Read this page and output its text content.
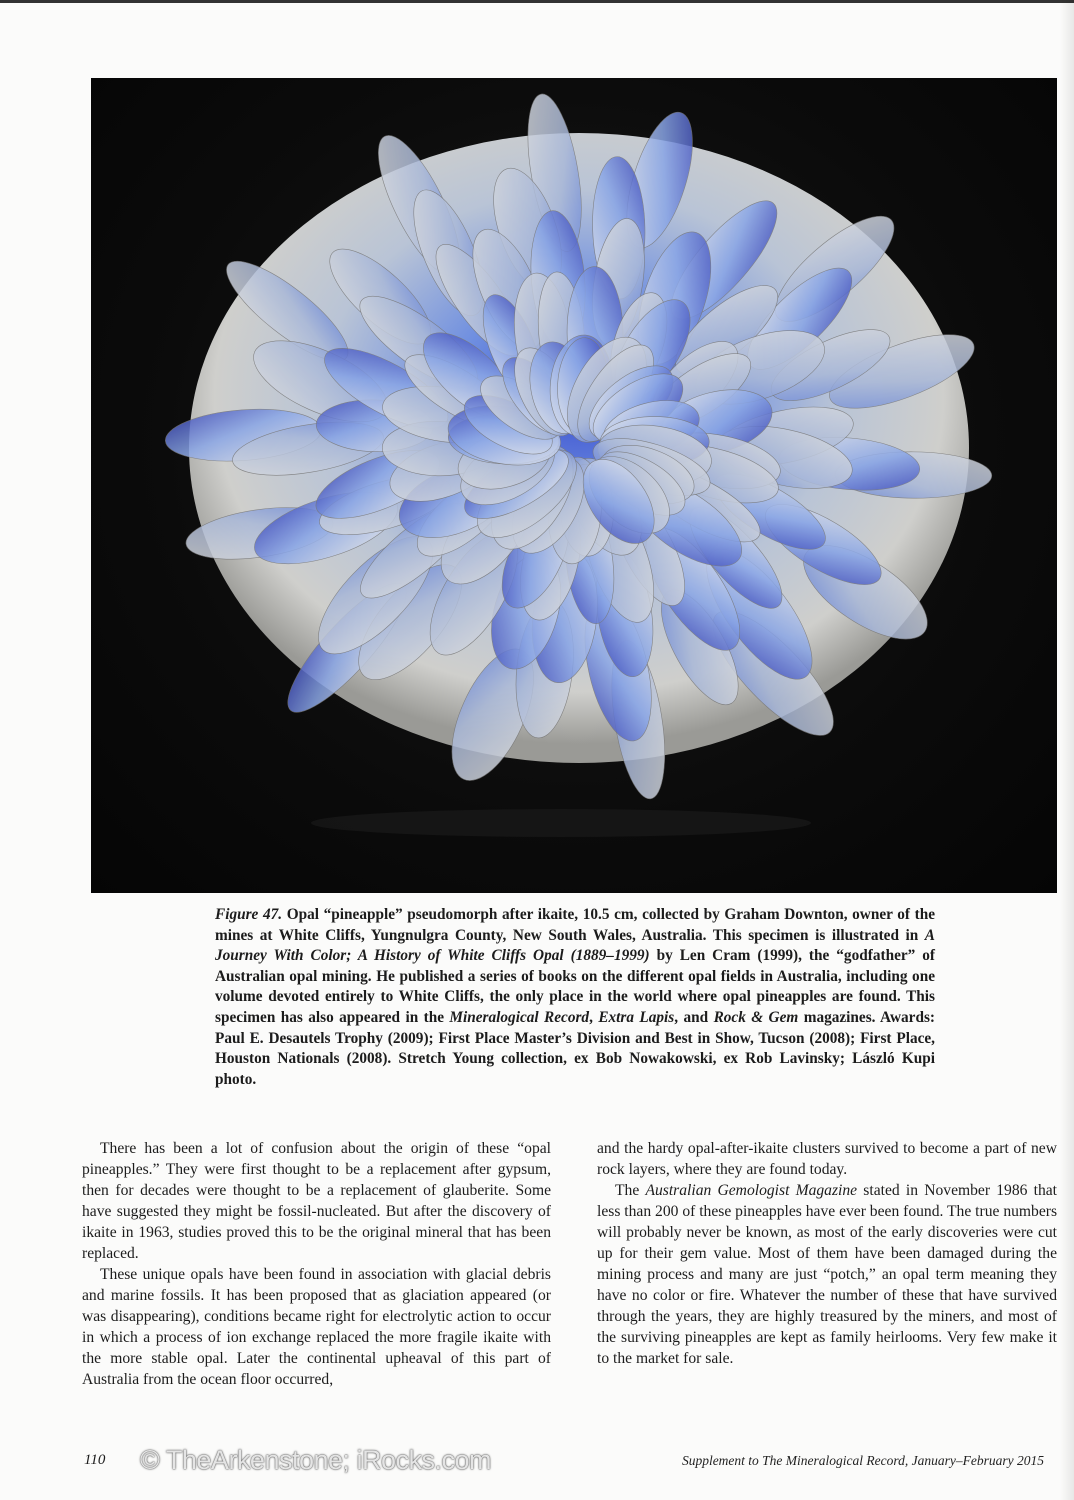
Figure 47. Opal “pineapple” pseudomorph after ikaite, 10.5 cm, collected by Graham Downton, owner of the mines at White Cliffs, Yungnulgra County, New South Wales, Australia. This specimen is illustrated in A Journey With Color; A History of White Cliffs Opal (1889–1999) by Len Cram (1999), the “godfather” of Australian opal mining. He published a series of books on the different opal fields in Australia, including one volume devoted entirely to White Cliffs, the only place in the world where opal pineapples are found. This specimen has also appeared in the Mineralogical Record, Extra Lapis, and Rock & Gem magazines. Awards: Paul E. Desautels Trophy (2009); First Place Master’s Division and Best in Show, Tucson (2008); First Place, Houston Nationals (2008). Stretch Young collection, ex Bob Nowakowski, ex Rob Lavinsky; László Kupi photo.

There has been a lot of confusion about the origin of these “opal pineapples.” They were first thought to be a replacement after gypsum, then for decades were thought to be a replacement of glauberite. Some have suggested they might be fossil-nucleated. But after the discovery of ikaite in 1963, studies proved this to be the original mineral that has been replaced.

These unique opals have been found in association with glacial debris and marine fossils. It has been proposed that as glaciation appeared (or was disappearing), conditions became right for electrolytic action to occur in which a process of ion exchange replaced the more fragile ikaite with the more stable opal. Later the continental upheaval of this part of Australia from the ocean floor occurred,

and the hardy opal-after-ikaite clusters survived to become a part of new rock layers, where they are found today.

The Australian Gemologist Magazine stated in November 1986 that less than 200 of these pineapples have ever been found. The true numbers will probably never be known, as most of the early discoveries were cut up for their gem value. Most of them have been damaged during the mining process and many are just “potch,” an opal term meaning they have no color or fire. Whatever the number of these that have survived through the years, they are highly treasured by the miners, and most of the surviving pineapples are kept as family heirlooms. Very few make it to the market for sale.

110 © TheArkenstone; iRocks.com	Supplement to The Mineralogical Record, January–February 2015
